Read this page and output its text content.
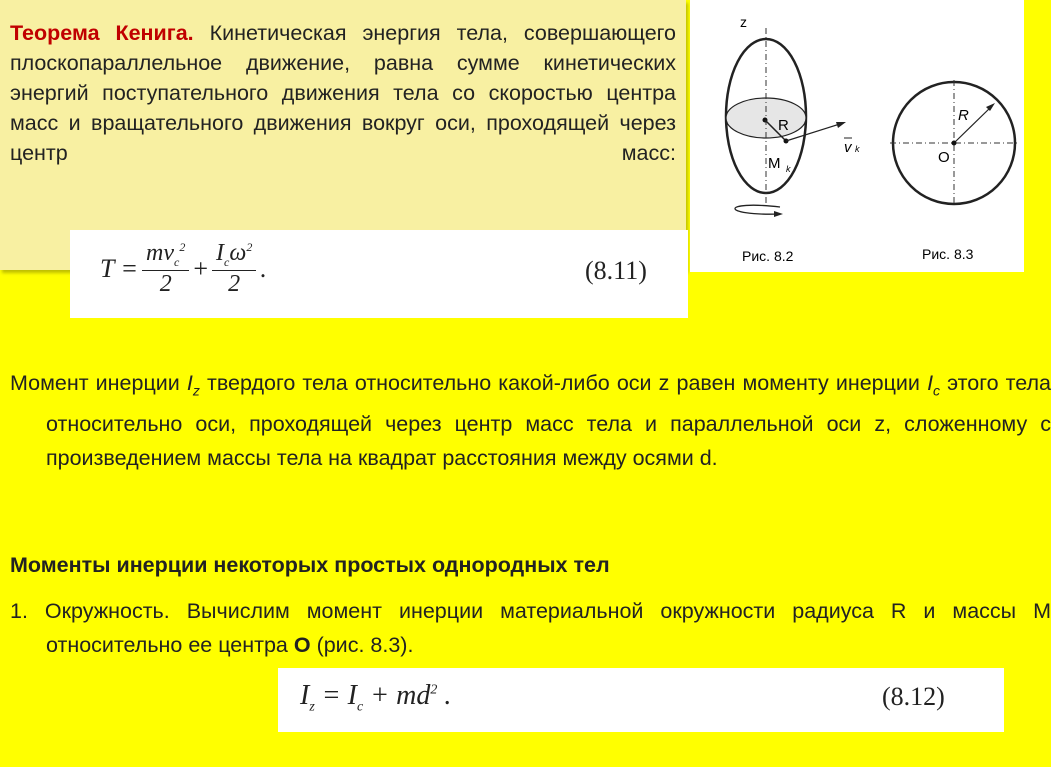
Теорема Кенига. Кинетическая энергия тела, совершающего плоскопараллельное движение, равна сумме кинетических энергий поступательного движения тела со скоростью центра масс и вращательного движения вокруг оси, проходящей через центр масс:
$T = \frac{mv_c^2}{2} + \frac{I_c\omega^2}{2}$ .	(8.11)
z
R
M k
v k
Рис. 8.2
R
O
Рис. 8.3
Момент инерции $I_z$ твердого тела относительно какой-либо оси z равен моменту инерции $I_c$ этого тела относительно оси, проходящей через центр масс тела и параллельной оси z, сложенному с произведением массы тела на квадрат расстояния между осями d.
Моменты инерции некоторых простых однородных тел
1. Окружность. Вычислим момент инерции материальной окружности радиуса R и массы M относительно ее центра O (рис. 8.3).
$I_z = I_c + md^2$ .	(8.12)
